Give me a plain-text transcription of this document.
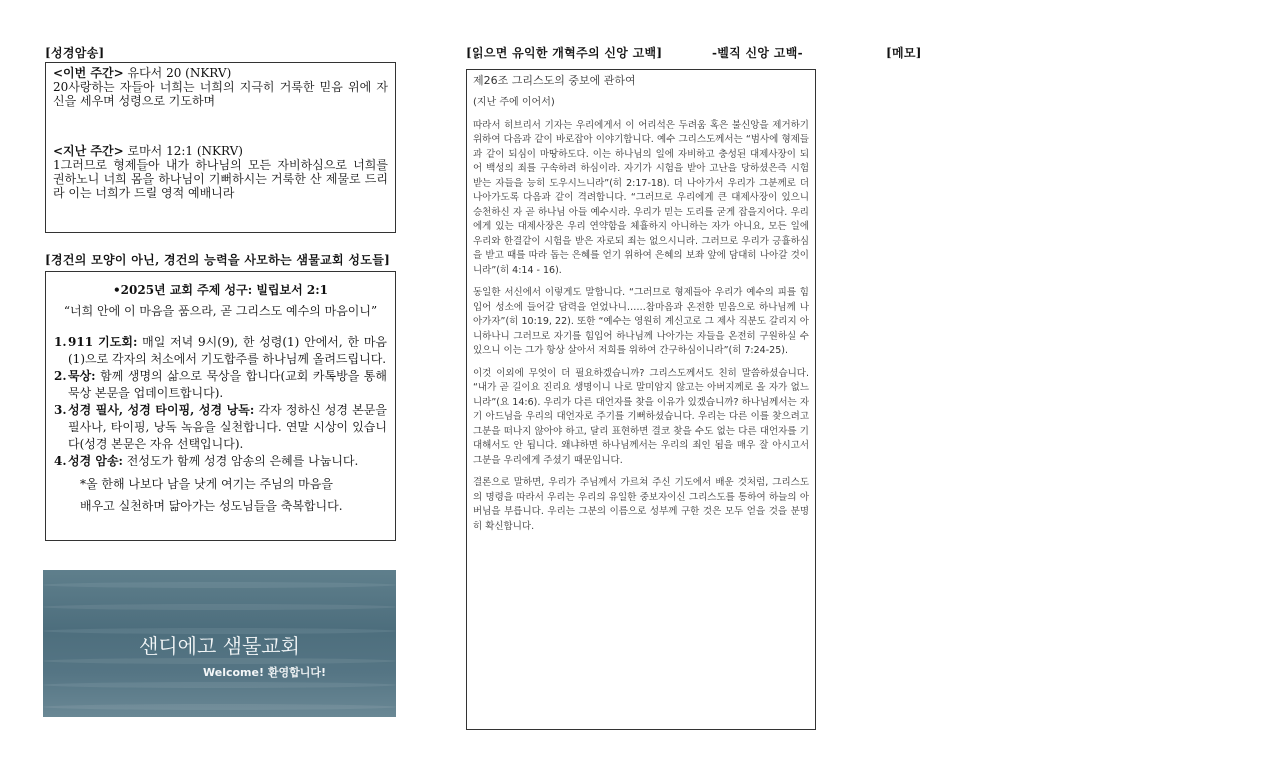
[성경암송]
<이번 주간> 유다서 20 (NKRV)
20사랑하는 자들아 너희는 너희의 지극히 거룩한 믿음 위에 자신을 세우며 성령으로 기도하며
<지난 주간> 로마서 12:1 (NKRV)
1그러므로 형제들아 내가 하나님의 모든 자비하심으로 너희를 권하노니 너희 몸을 하나님이 기뻐하시는 거룩한 산 제물로 드리라 이는 너희가 드릴 영적 예배니라
[경건의 모양이 아닌, 경건의 능력을 사모하는 샘물교회 성도들]
•2025년 교회 주제 성구: 빌립보서 2:1
“너희 안에 이 마음을 품으라, 곧 그리스도 예수의 마음이니”
1. 911 기도회: 매일 저녁 9시(9), 한 성령(1) 안에서, 한 마음(1)으로 각자의 처소에서 기도합주를 하나님께 올려드립니다.
2. 묵상: 함께 생명의 삶으로 묵상을 합니다(교회 카톡방을 통해 묵상 본문을 업데이트합니다).
3. 성경 필사, 성경 타이핑, 성경 낭독: 각자 정하신 성경 본문을 필사나, 타이핑, 낭독 녹음을 실천합니다. 연말 시상이 있습니다(성경 본문은 자유 선택입니다).
4. 성경 암송: 전성도가 함께 성경 암송의 은혜를 나눕니다.
*올 한해 나보다 남을 낫게 여기는 주님의 마음을
배우고 실천하며 닮아가는 성도님들을 축복합니다.
샌디에고 샘물교회
Welcome! 환영합니다!
[읽으면 유익한 개혁주의 신앙 고백]	-벨직 신앙 고백-	[메모]
제26조 그리스도의 중보에 관하여
(지난 주에 이어서)

따라서 히브리서 기자는 우리에게서 이 어리석은 두려움 혹은 불신앙을 제거하기 위하여 다음과 같이 바로잡아 이야기합니다. 예수 그리스도께서는 “범사에 형제들과 같이 되심이 마땅하도다. 이는 하나님의 일에 자비하고 충성된 대제사장이 되어 백성의 죄를 구속하려 하심이라. 자기가 시험을 받아 고난을 당하셨은즉 시험받는 자들을 능히 도우시느니라”(히 2:17-18). 더 나아가서 우리가 그분께로 더 나아가도록 다음과 같이 격려합니다. “그러므로 우리에게 큰 대제사장이 있으니 승천하신 자 곧 하나님 아들 예수시라. 우리가 믿는 도리를 굳게 잡을지어다. 우리에게 있는 대제사장은 우리 연약함을 체휼하지 아니하는 자가 아니요, 모든 일에 우리와 한결같이 시험을 받은 자로되 죄는 없으시니라. 그러므로 우리가 긍휼하심을 받고 때를 따라 돕는 은혜를 얻기 위하여 은혜의 보좌 앞에 담대히 나아갈 것이니라”(히 4:14 - 16).

동일한 서신에서 이렇게도 말합니다. “그러므로 형제들아 우리가 예수의 피를 힘입어 성소에 들어갈 담력을 얻었나니……참마음과 온전한 믿음으로 하나님께 나아가자”(히 10:19, 22). 또한 “예수는 영원히 계신고로 그 제사 직분도 갈리지 아니하나니 그러므로 자기를 힘입어 하나님께 나아가는 자들을 온전히 구원하실 수 있으니 이는 그가 항상 살아서 저희를 위하여 간구하심이니라”(히 7:24-25).

이것 이외에 무엇이 더 필요하겠습니까? 그리스도께서도 친히 말씀하셨습니다. “내가 곧 길이요 진리요 생명이니 나로 말미암지 않고는 아버지께로 올 자가 없느니라”(요 14:6). 우리가 다른 대언자를 찾을 이유가 있겠습니까? 하나님께서는 자기 아드님을 우리의 대언자로 주기를 기뻐하셨습니다. 우리는 다른 이를 찾으려고 그분을 떠나지 않아야 하고, 달리 표현하면 결코 찾을 수도 없는 다른 대언자를 기대해서도 안 됩니다. 왜냐하면 하나님께서는 우리의 죄인 됨을 매우 잘 아시고서 그분을 우리에게 주셨기 때문입니다.

결론으로 말하면, 우리가 주님께서 가르쳐 주신 기도에서 배운 것처럼, 그리스도의 명령을 따라서 우리는 우리의 유일한 중보자이신 그리스도를 통하여 하늘의 아버님을 부릅니다. 우리는 그분의 이름으로 성부께 구한 것은 모두 얻을 것을 분명히 확신합니다.
